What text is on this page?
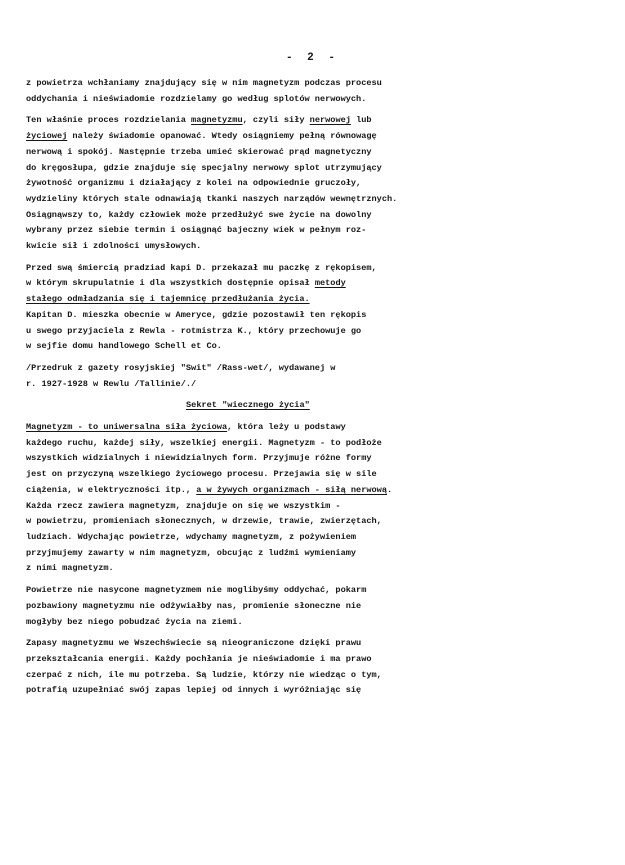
- 2 -
z powietrza wchłaniamy znajdujący się w nim magnetyzm podczas procesu
oddychania i nieświadomie rozdzielamy go według splotów nerwowych.
Ten właśnie proces rozdzielania magnetyzmu, czyli siły nerwowej lub
życiowej należy świadomie opanować. Wtedy osiągniemy pełną równowagę
nerwową i spokój. Następnie trzeba umieć skierować prąd magnetyczny
do kręgosłupa, gdzie znajduje się specjalny nerwowy splot utrzymujący
żywotność organizmu i działający z kolei na odpowiednie gruczoły,
wydzieliny których stale odnawiają tkanki naszych narządów wewnętrznych.
Osiągnąwszy to, każdy człowiek może przedłużyć swe życie na dowolny
wybrany przez siebie termin i osiągnąć bajeczny wiek w pełnym roz-
kwicie sił i zdolności umysłowych.
Przed swą śmiercią pradziad kapi D. przekazał mu paczkę z rękopisem,
w którym skrupulatnie i dla wszystkich dostępnie opisał metody
stałego odmładzania się i tajemnicę przedłużania życia.
Kapitan D. mieszka obecnie w Ameryce, gdzie pozostawił ten rękopis
u swego przyjaciela z Rewla - rotmistrza K., który przechowuje go
w sejfie domu handlowego Schell et Co.
/Przedruk z gazety rosyjskiej "Swit" /Rass-wet/, wydawanej w
r. 1927-1928 w Rewlu /Tallinie/./
Sekret "wiecznego życia"
Magnetyzm - to uniwersalna siła życiowa, która leży u podstawy
każdego ruchu, każdej siły, wszelkiej energii. Magnetyzm - to podłoże
wszystkich widzialnych i niewidzialnych form. Przyjmuje różne formy
jest on przyczyną wszelkiego życiowego procesu. Przejawia się w sile
ciążenia, w elektryczności itp., a w żywych organizmach - siłą nerwową.
Każda rzecz zawiera magnetyzm, znajduje on się we wszystkim -
w powietrzu, promieniach słonecznych, w drzewie, trawie, zwierzętach,
ludziach. Wdychając powietrze, wdychamy magnetyzm, z pożywieniem
przyjmujemy zawarty w nim magnetyzm, obcując z ludźmi wymieniamy
z nimi magnetyzm.
Powietrze nie nasycone magnetyzmem nie moglibyśmy oddychać, pokarm
pozbawiony magnetyzmu nie odżywiałby nas, promienie słoneczne nie
mogłyby bez niego pobudzać życia na ziemi.
Zapasy magnetyzmu we Wszechświecie są nieograniczone dzięki prawu
przekształcania energii. Każdy pochłania je nieświadomie i ma prawo
czerpać z nich, ile mu potrzeba. Są ludzie, którzy nie wiedząc o tym,
potrafią uzupełniać swój zapas lepiej od innych i wyróżniając się
